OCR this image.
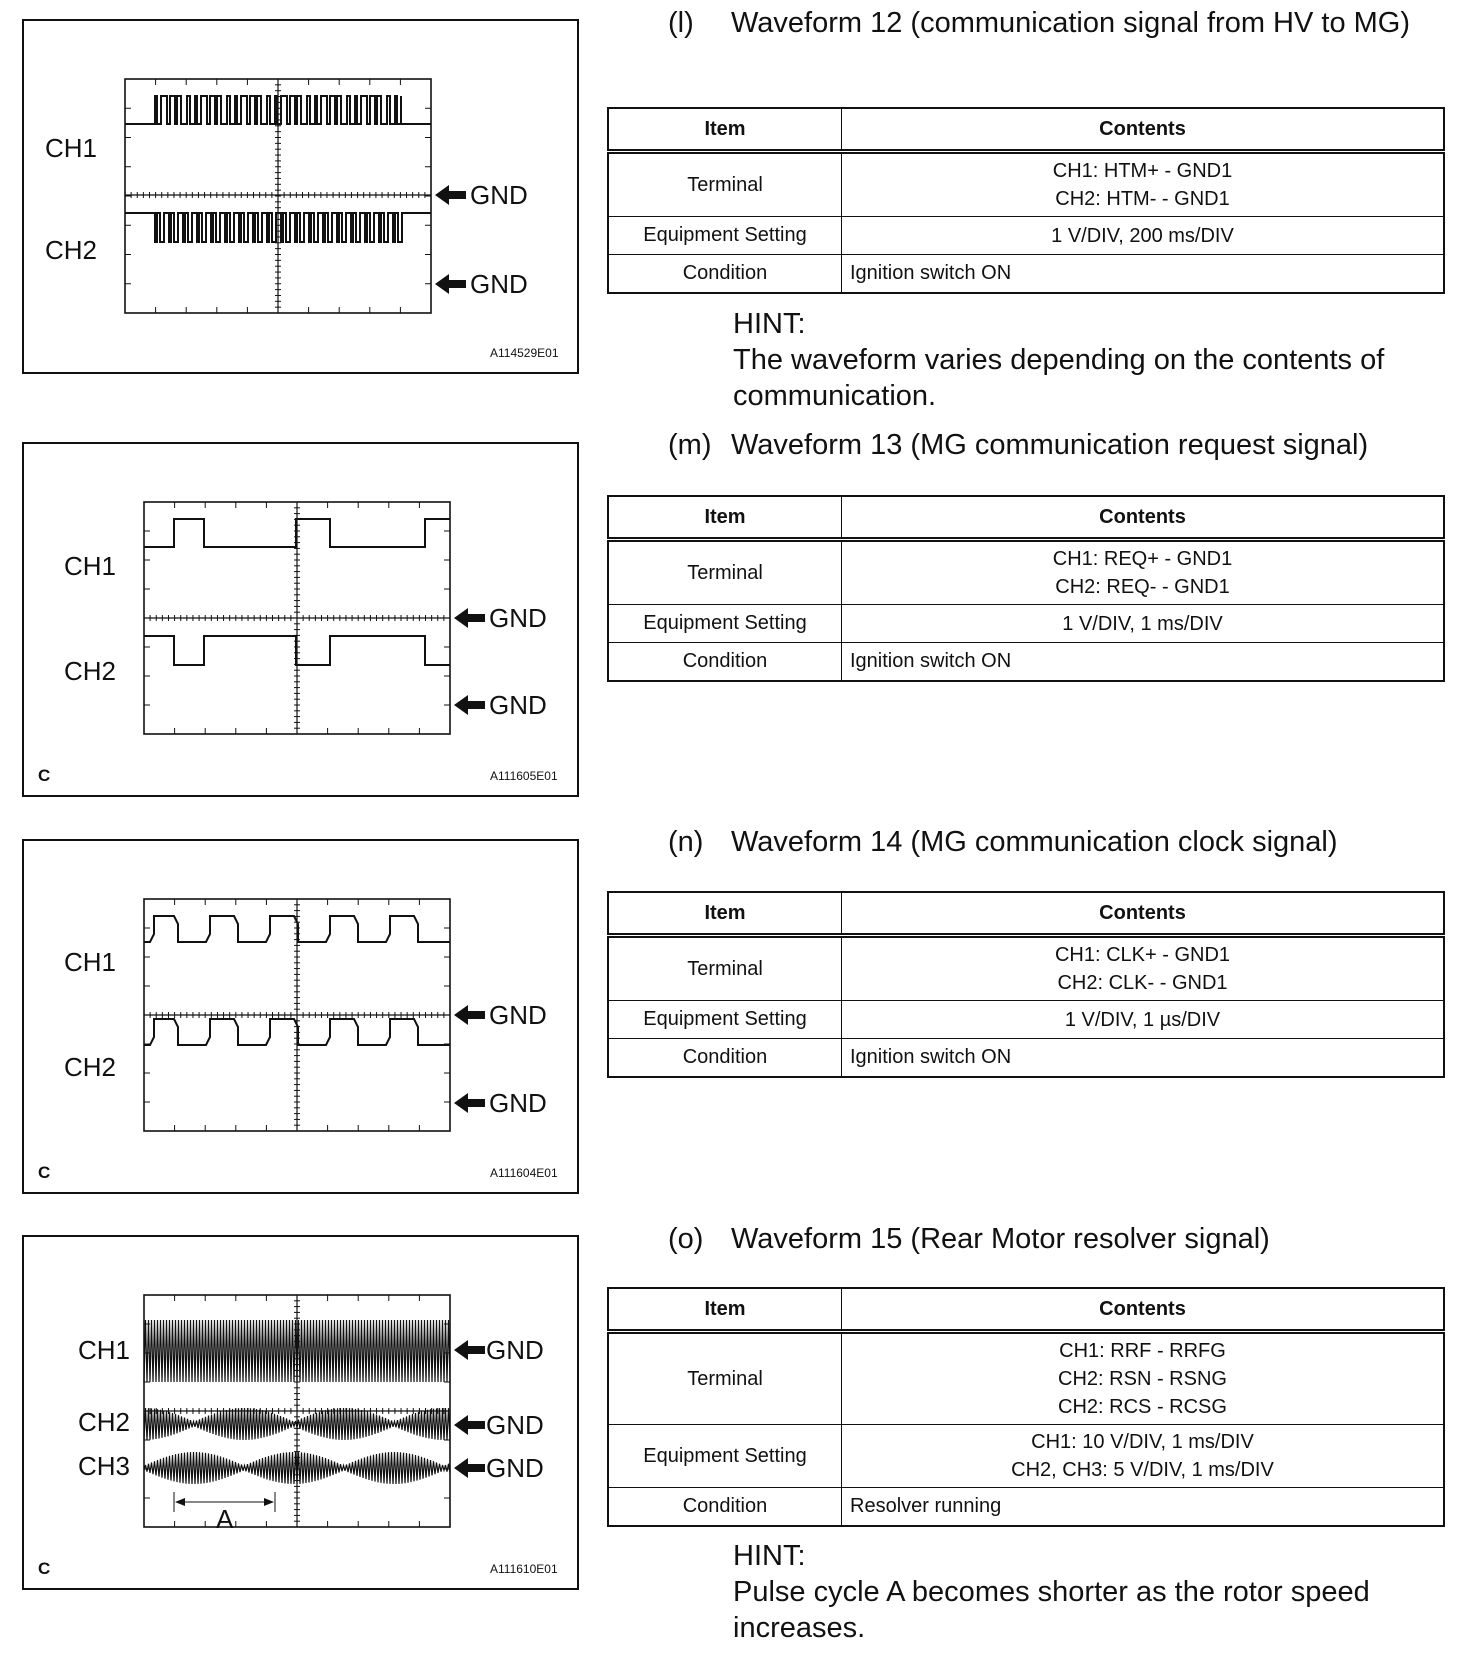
CH1
CH2
GND
GND
A114529E01
CH1
CH2
GND
GND
C	A111605E01
CH1
CH2
GND
GND
C	A111604E01
CH1
CH2
CH3
GND
GND
GND
A
C	A111610E01
(l) Waveform 12 (communication signal from HV to MG)
Item	Contents
Terminal	CH1: HTM+ - GND1
CH2: HTM- - GND1

Equipment Setting	1 V/DIV, 200 ms/DIV
Condition	Ignition switch ON
HINT:
The waveform varies depending on the contents of communication.
(m) Waveform 13 (MG communication request signal)
Item	Contents
Terminal	CH1: REQ+ - GND1
CH2: REQ- - GND1

Equipment Setting	1 V/DIV, 1 ms/DIV
Condition	Ignition switch ON
(n) Waveform 14 (MG communication clock signal)
Item	Contents
Terminal	CH1: CLK+ - GND1
CH2: CLK- - GND1

Equipment Setting	1 V/DIV, 1 µs/DIV
Condition	Ignition switch ON
(o) Waveform 15 (Rear Motor resolver signal)
Item	Contents
Terminal	CH1: RRF - RRFG
CH2: RSN - RSNG
CH2: RCS - RCSG

Equipment Setting	CH1: 10 V/DIV, 1 ms/DIV
CH2, CH3: 5 V/DIV, 1 ms/DIV

Condition	Resolver running
HINT:
Pulse cycle A becomes shorter as the rotor speed increases.
